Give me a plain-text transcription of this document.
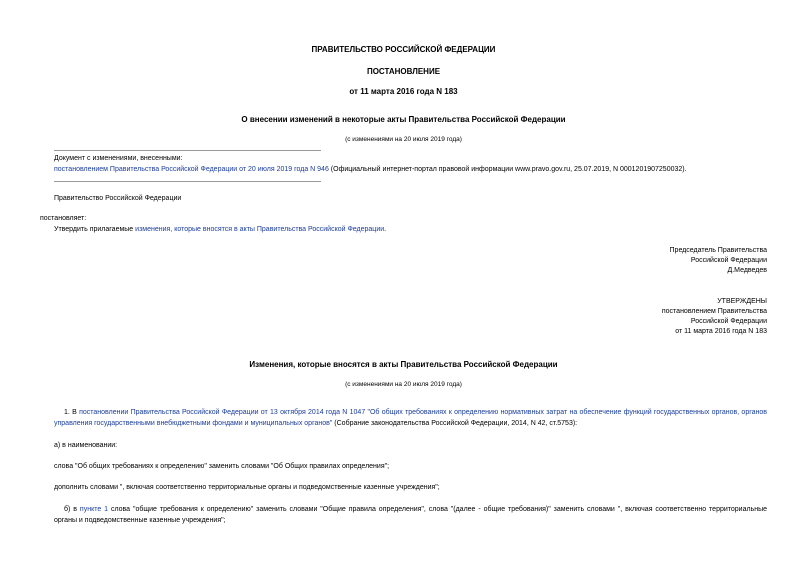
ПРАВИТЕЛЬСТВО РОССИЙСКОЙ ФЕДЕРАЦИИ
ПОСТАНОВЛЕНИЕ
от 11 марта 2016 года N 183
О внесении изменений в некоторые акты Правительства Российской Федерации
(с изменениями на 20 июля 2019 года)
Документ с изменениями, внесенными:
постановлением Правительства Российской Федерации от 20 июля 2019 года N 946 (Официальный интернет-портал правовой информации www.pravo.gov.ru, 25.07.2019, N 0001201907250032).
Правительство Российской Федерации
постановляет:
Утвердить прилагаемые изменения, которые вносятся в акты Правительства Российской Федерации.
Председатель Правительства
Российской Федерации
Д.Медведев
УТВЕРЖДЕНЫ
постановлением Правительства
Российской Федерации
от 11 марта 2016 года N 183
Изменения, которые вносятся в акты Правительства Российской Федерации
(с изменениями на 20 июля 2019 года)
1. В постановлении Правительства Российской Федерации от 13 октября 2014 года N 1047 "Об общих требованиях к определению нормативных затрат на обеспечение функций государственных органов, органов управления государственными внебюджетными фондами и муниципальных органов" (Собрание законодательства Российской Федерации, 2014, N 42, ст.5753):
а) в наименовании:
слова "Об общих требованиях к определению" заменить словами "Об Общих правилах определения";
дополнить словами ", включая соответственно территориальные органы и подведомственные казенные учреждения";
б) в пункте 1 слова "общие требования к определению" заменить словами "Общие правила определения", слова "(далее - общие требования)" заменить словами ", включая соответственно территориальные органы и подведомственные казенные учреждения";
